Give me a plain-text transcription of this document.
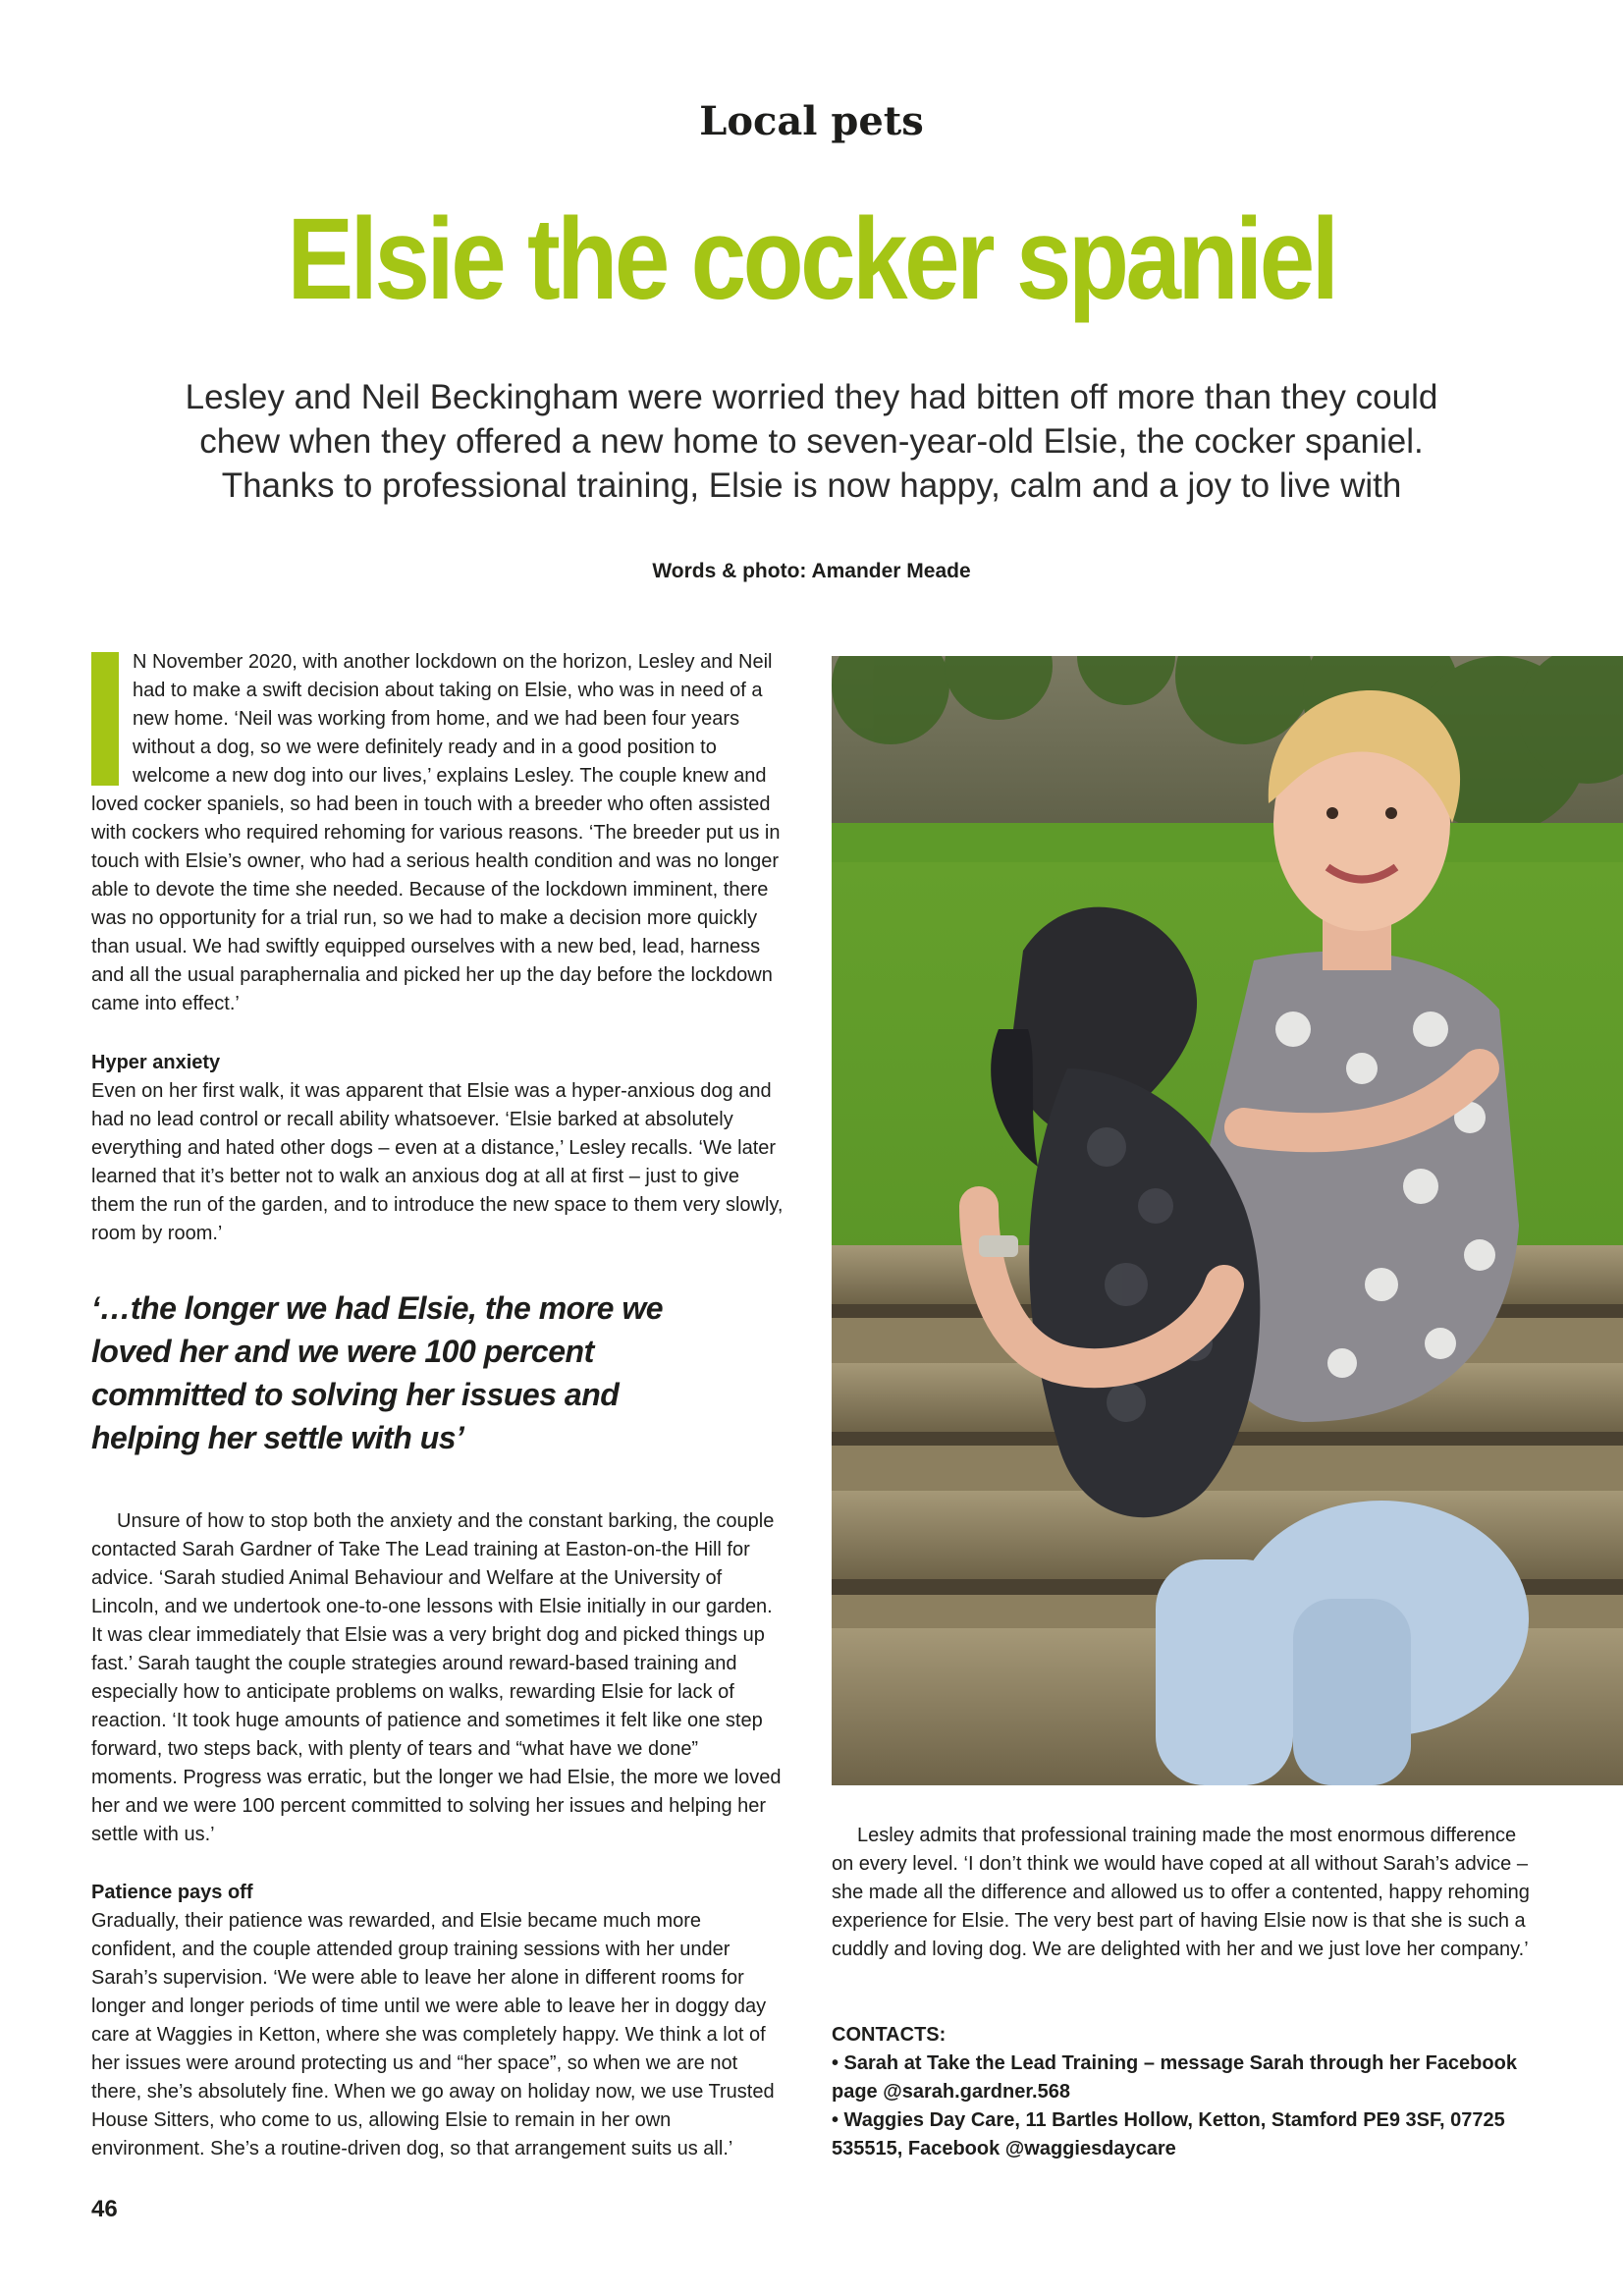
Local pets
Elsie the cocker spaniel
Lesley and Neil Beckingham were worried they had bitten off more than they could
chew when they offered a new home to seven-year-old Elsie, the cocker spaniel.
Thanks to professional training, Elsie is now happy, calm and a joy to live with
Words & photo: Amander Meade

N November 2020, with another lockdown on the horizon, Lesley and Neil had to make a swift decision about taking on Elsie, who was in need of a new home. ‘Neil was working from home, and we had been four years without a dog, so we were definitely ready and in a good position to welcome a new dog into our lives,’ explains Lesley. The couple knew and loved cocker spaniels, so had been in touch with a breeder who often assisted with cockers who required rehoming for various reasons. ‘The breeder put us in touch with Elsie’s owner, who had a serious health condition and was no longer able to devote the time she needed. Because of the lockdown imminent, there was no opportunity for a trial run, so we had to make a decision more quickly than usual. We had swiftly equipped ourselves with a new bed, lead, harness and all the usual paraphernalia and picked her up the day before the lockdown came into effect.’

Hyper anxiety

Even on her first walk, it was apparent that Elsie was a hyper-anxious dog and had no lead control or recall ability whatsoever. ‘Elsie barked at absolutely everything and hated other dogs – even at a distance,’ Lesley recalls. ‘We later learned that it’s better not to walk an anxious dog at all at first – just to give them the run of the garden, and to introduce the new space to them very slowly, room by room.’

‘…the longer we had Elsie, the more we loved her and we were 100 percent committed to solving her issues and helping her settle with us’

Unsure of how to stop both the anxiety and the constant barking, the couple contacted Sarah Gardner of Take The Lead training at Easton-on-the Hill for advice. ‘Sarah studied Animal Behaviour and Welfare at the University of Lincoln, and we undertook one-to-one lessons with Elsie initially in our garden. It was clear immediately that Elsie was a very bright dog and picked things up fast.’ Sarah taught the couple strategies around reward-based training and especially how to anticipate problems on walks, rewarding Elsie for lack of reaction. ‘It took huge amounts of patience and sometimes it felt like one step forward, two steps back, with plenty of tears and “what have we done” moments. Progress was erratic, but the longer we had Elsie, the more we loved her and we were 100 percent committed to solving her issues and helping her settle with us.’

Patience pays off

Gradually, their patience was rewarded, and Elsie became much more confident, and the couple attended group training sessions with her under Sarah’s supervision. ‘We were able to leave her alone in different rooms for longer and longer periods of time until we were able to leave her in doggy day care at Waggies in Ketton, where she was completely happy. We think a lot of her issues were around protecting us and “her space”, so when we are not there, she’s absolutely fine. When we go away on holiday now, we use Trusted House Sitters, who come to us, allowing Elsie to remain in her own environment. She’s a routine-driven dog, so that arrangement suits us all.’

Lesley admits that professional training made the most enormous difference on every level. ‘I don’t think we would have coped at all without Sarah’s advice – she made all the difference and allowed us to offer a contented, happy rehoming experience for Elsie. The very best part of having Elsie now is that she is such a cuddly and loving dog. We are delighted with her and we just love her company.’

CONTACTS:

• Sarah at Take the Lead Training – message Sarah through her Facebook page @sarah.gardner.568

• Waggies Day Care, 11 Bartles Hollow, Ketton, Stamford PE9 3SF, 07725 535515, Facebook @waggiesdaycare

46
